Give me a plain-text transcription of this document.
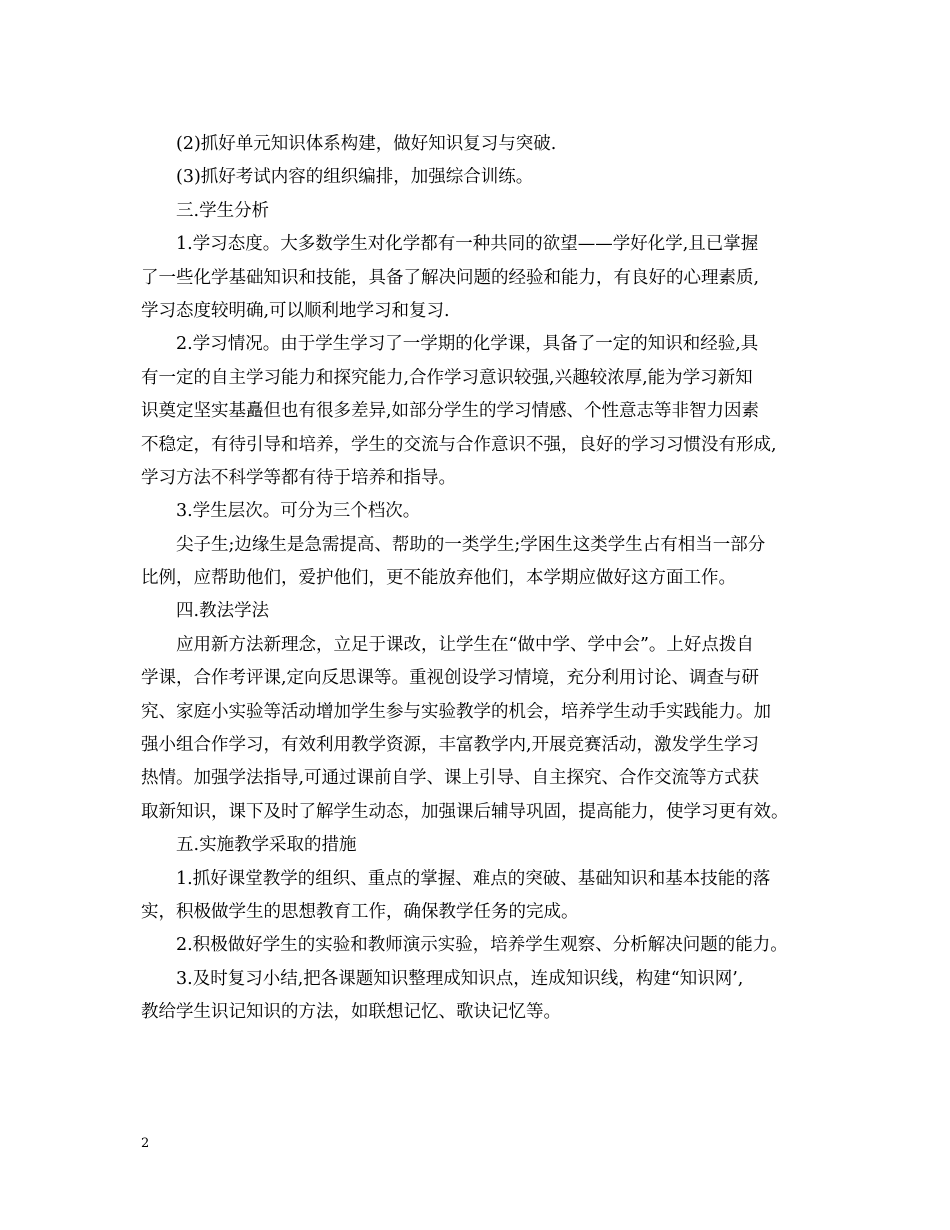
(2)抓好单元知识体系构建，做好知识复习与突破.
(3)抓好考试内容的组织编排，加强综合训练。
三.学生分析
1.学习态度。大多数学生对化学都有一种共同的欲望——学好化学,且已掌握
了一些化学基础知识和技能，具备了解决问题的经验和能力，有良好的心理素质,
学习态度较明确,可以顺利地学习和复习.
2.学习情况。由于学生学习了一学期的化学课，具备了一定的知识和经验,具
有一定的自主学习能力和探究能力,合作学习意识较强,兴趣较浓厚,能为学习新知
识奠定坚实基矗但也有很多差异,如部分学生的学习情感、个性意志等非智力因素
不稳定，有待引导和培养，学生的交流与合作意识不强，良好的学习习惯没有形成,
学习方法不科学等都有待于培养和指导。
3.学生层次。可分为三个档次。
尖子生;边缘生是急需提高、帮助的一类学生;学困生这类学生占有相当一部分
比例，应帮助他们，爱护他们，更不能放弃他们，本学期应做好这方面工作。
四.教法学法
应用新方法新理念，立足于课改，让学生在“做中学、学中会”。上好点拨自
学课，合作考评课,定向反思课等。重视创设学习情境，充分利用讨论、调查与研
究、家庭小实验等活动增加学生参与实验教学的机会，培养学生动手实践能力。加
强小组合作学习，有效利用教学资源，丰富教学内,开展竞赛活动，激发学生学习
热情。加强学法指导,可通过课前自学、课上引导、自主探究、合作交流等方式获
取新知识，课下及时了解学生动态，加强课后辅导巩固，提高能力，使学习更有效。
五.实施教学采取的措施
1.抓好课堂教学的组织、重点的掌握、难点的突破、基础知识和基本技能的落
实，积极做学生的思想教育工作，确保教学任务的完成。
2.积极做好学生的实验和教师演示实验，培养学生观察、分析解决问题的能力。
3.及时复习小结,把各课题知识整理成知识点，连成知识线，构建“知识网’,
教给学生识记知识的方法，如联想记忆、歌诀记忆等。
2
